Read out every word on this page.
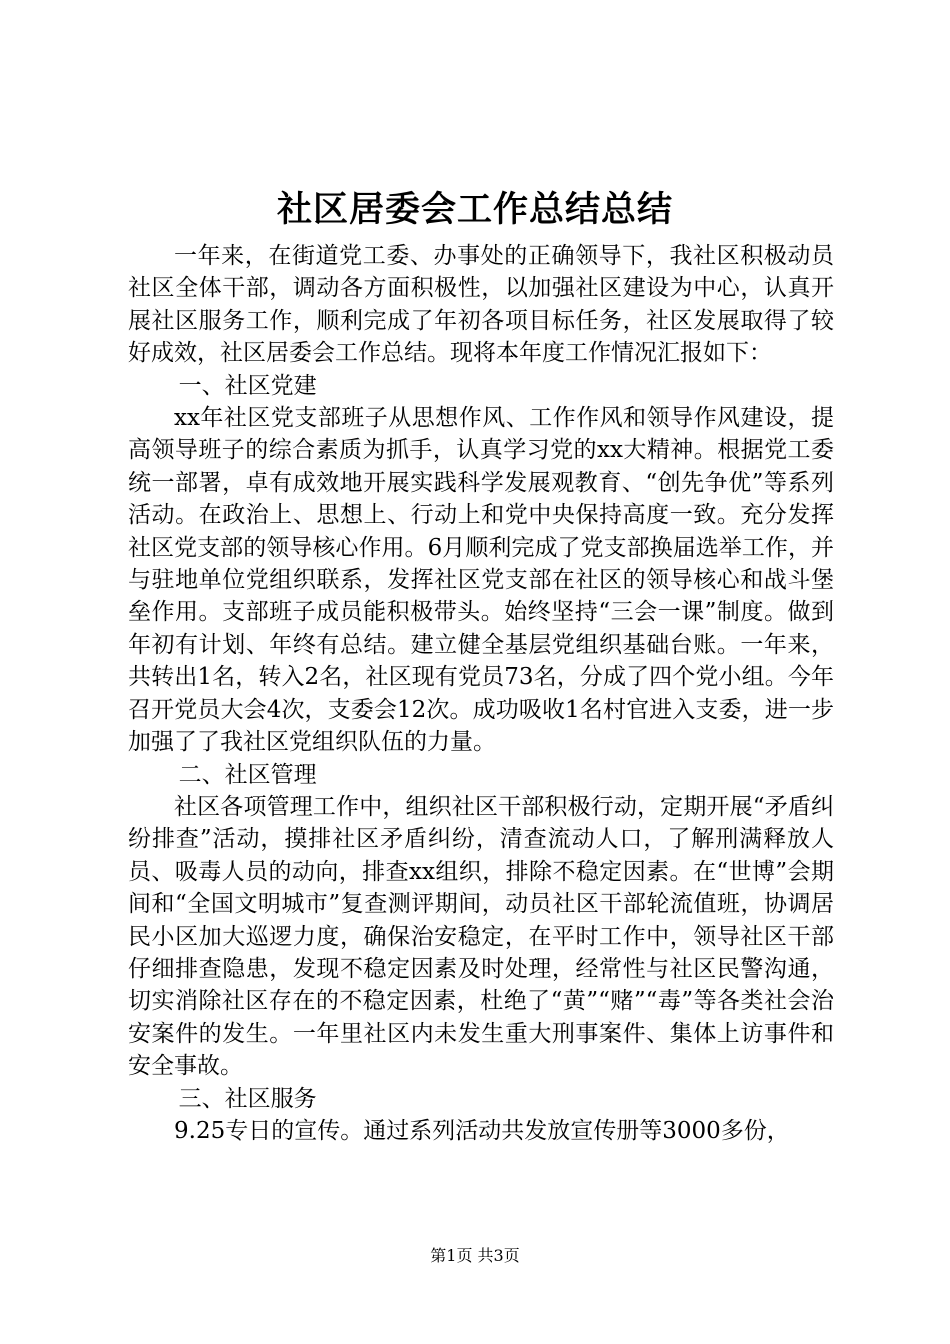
社区居委会工作总结总结

一年来，在街道党工委、办事处的正确领导下，我社区积极动员社区全体干部，调动各方面积极性，以加强社区建设为中心，认真开展社区服务工作，顺利完成了年初各项目标任务，社区发展取得了较好成效，社区居委会工作总结。现将本年度工作情况汇报如下：

一、社区党建

xx年社区党支部班子从思想作风、工作作风和领导作风建设，提高领导班子的综合素质为抓手，认真学习党的xx大精神。根据党工委统一部署，卓有成效地开展实践科学发展观教育、“创先争优”等系列活动。在政治上、思想上、行动上和党中央保持高度一致。充分发挥社区党支部的领导核心作用。6月顺利完成了党支部换届选举工作，并与驻地单位党组织联系，发挥社区党支部在社区的领导核心和战斗堡垒作用。支部班子成员能积极带头。始终坚持“三会一课”制度。做到年初有计划、年终有总结。建立健全基层党组织基础台账。一年来，共转出1名，转入2名，社区现有党员73名，分成了四个党小组。今年召开党员大会4次，支委会12次。成功吸收1名村官进入支委，进一步加强了了我社区党组织队伍的力量。

二、社区管理

社区各项管理工作中，组织社区干部积极行动，定期开展“矛盾纠纷排查”活动，摸排社区矛盾纠纷，清查流动人口，了解刑满释放人员、吸毒人员的动向，排查xx组织，排除不稳定因素。在“世博”会期间和“全国文明城市”复查测评期间，动员社区干部轮流值班，协调居民小区加大巡逻力度，确保治安稳定，在平时工作中，领导社区干部仔细排查隐患，发现不稳定因素及时处理，经常性与社区民警沟通，切实消除社区存在的不稳定因素，杜绝了“黄”“赌”“毒”等各类社会治安案件的发生。一年里社区内未发生重大刑事案件、集体上访事件和安全事故。

三、社区服务

9.25专日的宣传。通过系列活动共发放宣传册等3000多份，

第1页 共3页
